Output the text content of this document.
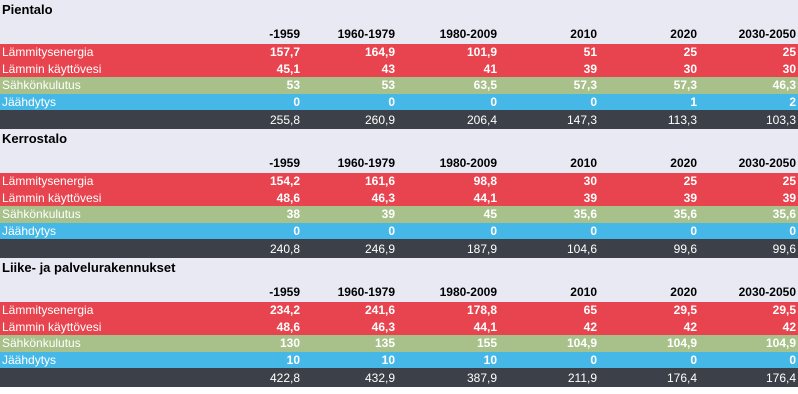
Pientalo						
	-1959	1960-1979	1980-2009	2010	2020	2030-2050
Lämmitysenergia	157,7	164,9	101,9	51	25	25
Lämmin käyttövesi	45,1	43	41	39	30	30
Sähkönkulutus	53	53	63,5	57,3	57,3	46,3
Jäähdytys	0	0	0	0	1	2
	255,8	260,9	206,4	147,3	113,3	103,3
Kerrostalo						
	-1959	1960-1979	1980-2009	2010	2020	2030-2050
Lämmitysenergia	154,2	161,6	98,8	30	25	25
Lämmin käyttövesi	48,6	46,3	44,1	39	39	39
Sähkönkulutus	38	39	45	35,6	35,6	35,6
Jäähdytys	0	0	0	0	0	0
	240,8	246,9	187,9	104,6	99,6	99,6
Liike- ja palvelurakennukset						
	-1959	1960-1979	1980-2009	2010	2020	2030-2050
Lämmitysenergia	234,2	241,6	178,8	65	29,5	29,5
Lämmin käyttövesi	48,6	46,3	44,1	42	42	42
Sähkönkulutus	130	135	155	104,9	104,9	104,9
Jäähdytys	10	10	10	0	0	0
	422,8	432,9	387,9	211,9	176,4	176,4
